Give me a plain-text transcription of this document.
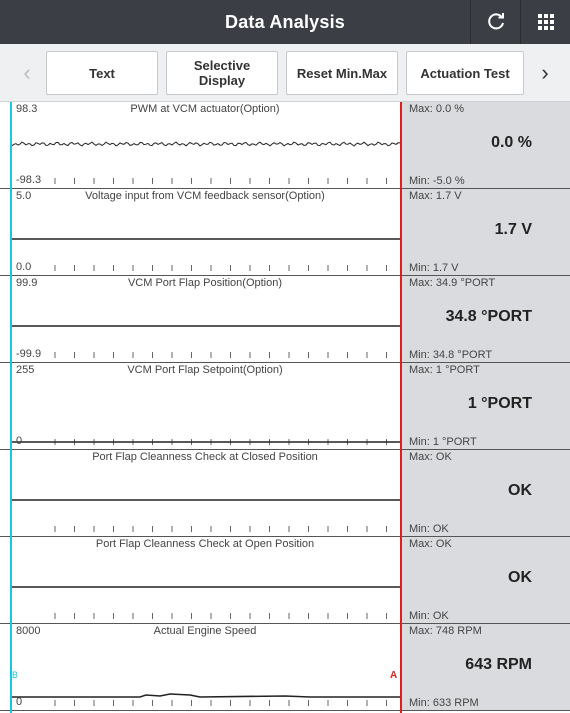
Data Analysis
‹	Text	Selective
Display	Reset Min.Max	Actuation Test	›
PWM at VCM actuator(Option)
98.3
-98.3
Max: 0.0 %
0.0 %
Min: -5.0 %
Voltage input from VCM feedback sensor(Option)
5.0
0.0
Max: 1.7 V
1.7 V
Min: 1.7 V
VCM Port Flap Position(Option)
99.9
-99.9
Max: 34.9 °PORT
34.8 °PORT
Min: 34.8 °PORT
VCM Port Flap Setpoint(Option)
255
0
Max: 1 °PORT
1 °PORT
Min: 1 °PORT
Port Flap Cleanness Check at Closed Position	Max: OK
OK
Min: OK
Port Flap Cleanness Check at Open Position	Max: OK
OK
Min: OK
Actual Engine Speed
8000
0
B	A
Max: 748 RPM
643 RPM
Min: 633 RPM
